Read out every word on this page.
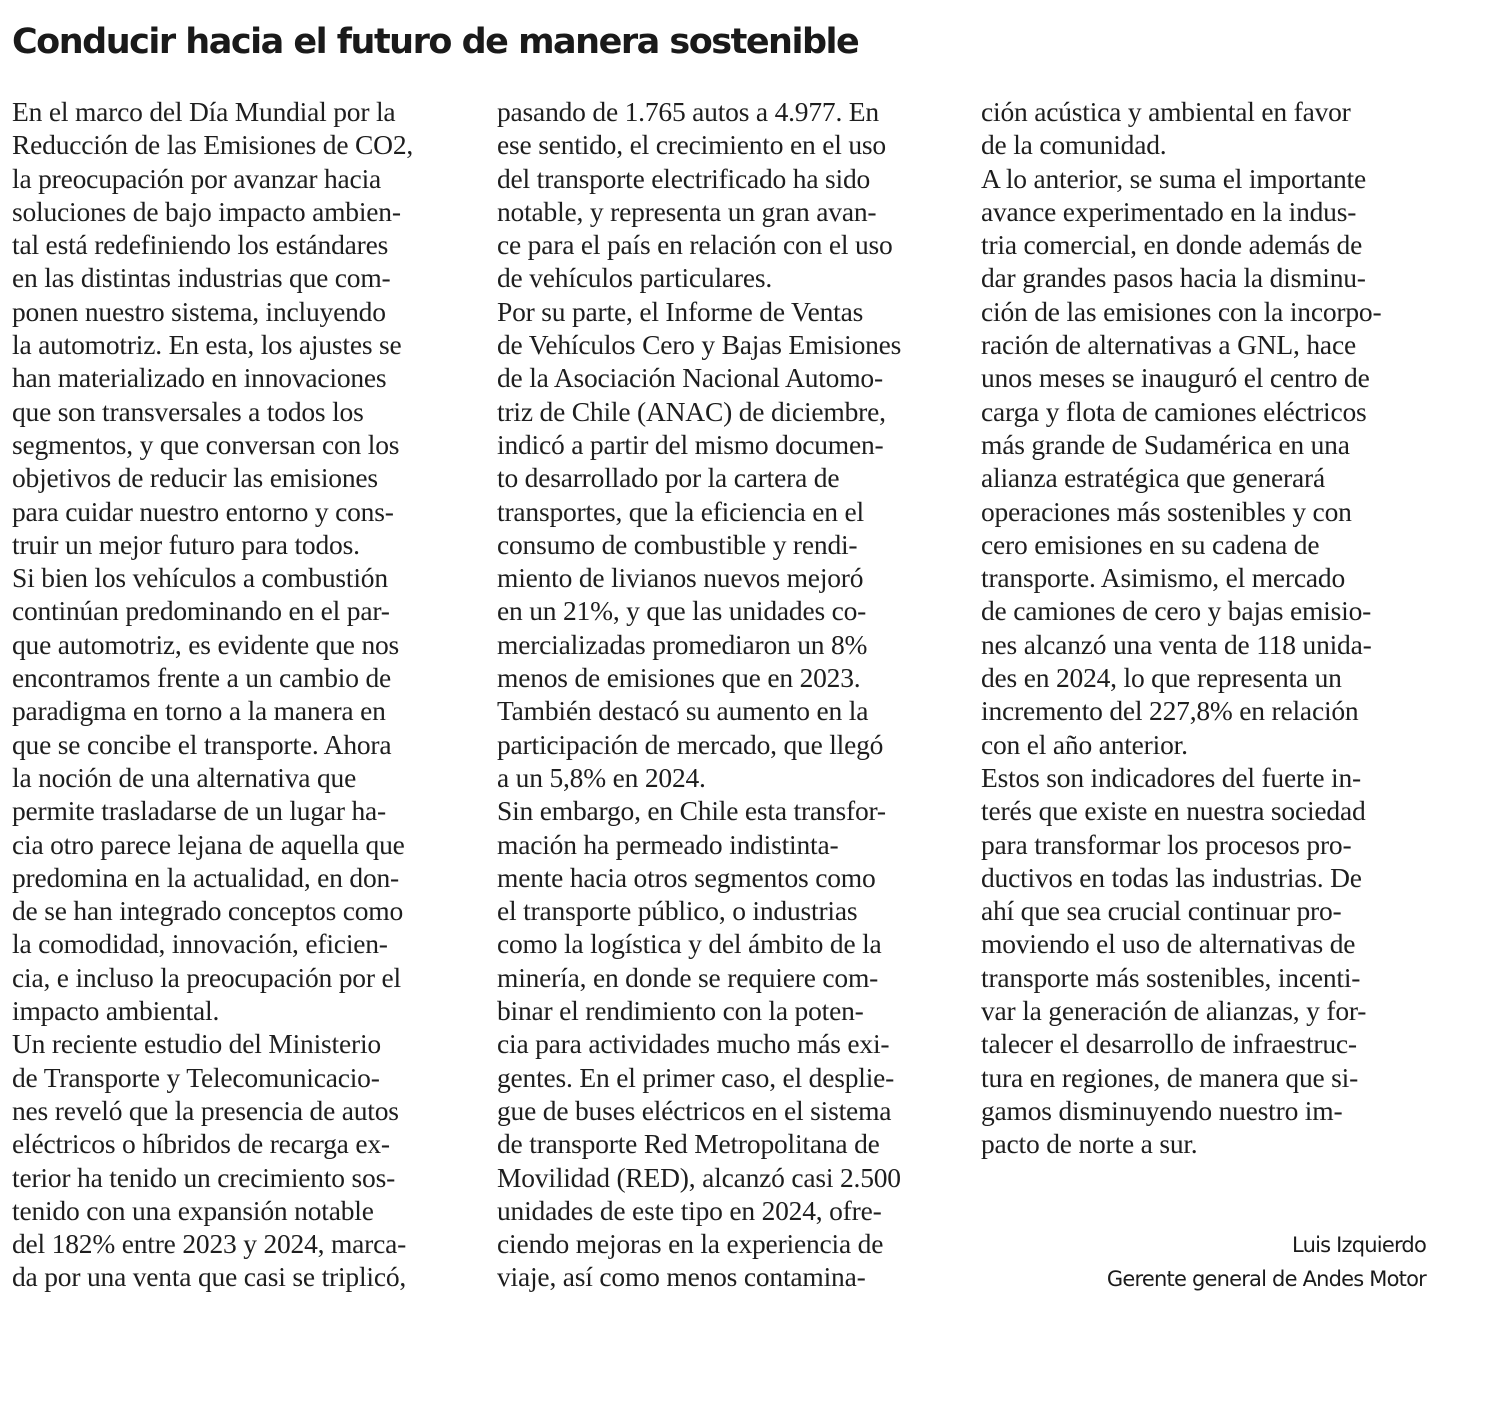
Conducir hacia el futuro de manera sostenible
En el marco del Día Mundial por la
Reducción de las Emisiones de CO2,
la preocupación por avanzar hacia
soluciones de bajo impacto ambien-
tal está redefiniendo los estándares
en las distintas industrias que com-
ponen nuestro sistema, incluyendo
la automotriz. En esta, los ajustes se
han materializado en innovaciones
que son transversales a todos los
segmentos, y que conversan con los
objetivos de reducir las emisiones
para cuidar nuestro entorno y cons-
truir un mejor futuro para todos.
Si bien los vehículos a combustión
continúan predominando en el par-
que automotriz, es evidente que nos
encontramos frente a un cambio de
paradigma en torno a la manera en
que se concibe el transporte. Ahora
la noción de una alternativa que
permite trasladarse de un lugar ha-
cia otro parece lejana de aquella que
predomina en la actualidad, en don-
de se han integrado conceptos como
la comodidad, innovación, eficien-
cia, e incluso la preocupación por el
impacto ambiental.
Un reciente estudio del Ministerio
de Transporte y Telecomunicacio-
nes reveló que la presencia de autos
eléctricos o híbridos de recarga ex-
terior ha tenido un crecimiento sos-
tenido con una expansión notable
del 182% entre 2023 y 2024, marca-
da por una venta que casi se triplicó,
pasando de 1.765 autos a 4.977. En
ese sentido, el crecimiento en el uso
del transporte electrificado ha sido
notable, y representa un gran avan-
ce para el país en relación con el uso
de vehículos particulares.
Por su parte, el Informe de Ventas
de Vehículos Cero y Bajas Emisiones
de la Asociación Nacional Automo-
triz de Chile (ANAC) de diciembre,
indicó a partir del mismo documen-
to desarrollado por la cartera de
transportes, que la eficiencia en el
consumo de combustible y rendi-
miento de livianos nuevos mejoró
en un 21%, y que las unidades co-
mercializadas promediaron un 8%
menos de emisiones que en 2023.
También destacó su aumento en la
participación de mercado, que llegó
a un 5,8% en 2024.
Sin embargo, en Chile esta transfor-
mación ha permeado indistinta-
mente hacia otros segmentos como
el transporte público, o industrias
como la logística y del ámbito de la
minería, en donde se requiere com-
binar el rendimiento con la poten-
cia para actividades mucho más exi-
gentes. En el primer caso, el desplie-
gue de buses eléctricos en el sistema
de transporte Red Metropolitana de
Movilidad (RED), alcanzó casi 2.500
unidades de este tipo en 2024, ofre-
ciendo mejoras en la experiencia de
viaje, así como menos contamina-
ción acústica y ambiental en favor
de la comunidad.
A lo anterior, se suma el importante
avance experimentado en la indus-
tria comercial, en donde además de
dar grandes pasos hacia la disminu-
ción de las emisiones con la incorpo-
ración de alternativas a GNL, hace
unos meses se inauguró el centro de
carga y flota de camiones eléctricos
más grande de Sudamérica en una
alianza estratégica que generará
operaciones más sostenibles y con
cero emisiones en su cadena de
transporte. Asimismo, el mercado
de camiones de cero y bajas emisio-
nes alcanzó una venta de 118 unida-
des en 2024, lo que representa un
incremento del 227,8% en relación
con el año anterior.
Estos son indicadores del fuerte in-
terés que existe en nuestra sociedad
para transformar los procesos pro-
ductivos en todas las industrias. De
ahí que sea crucial continuar pro-
moviendo el uso de alternativas de
transporte más sostenibles, incenti-
var la generación de alianzas, y for-
talecer el desarrollo de infraestruc-
tura en regiones, de manera que si-
gamos disminuyendo nuestro im-
pacto de norte a sur.
Luis Izquierdo
Gerente general de Andes Motor
